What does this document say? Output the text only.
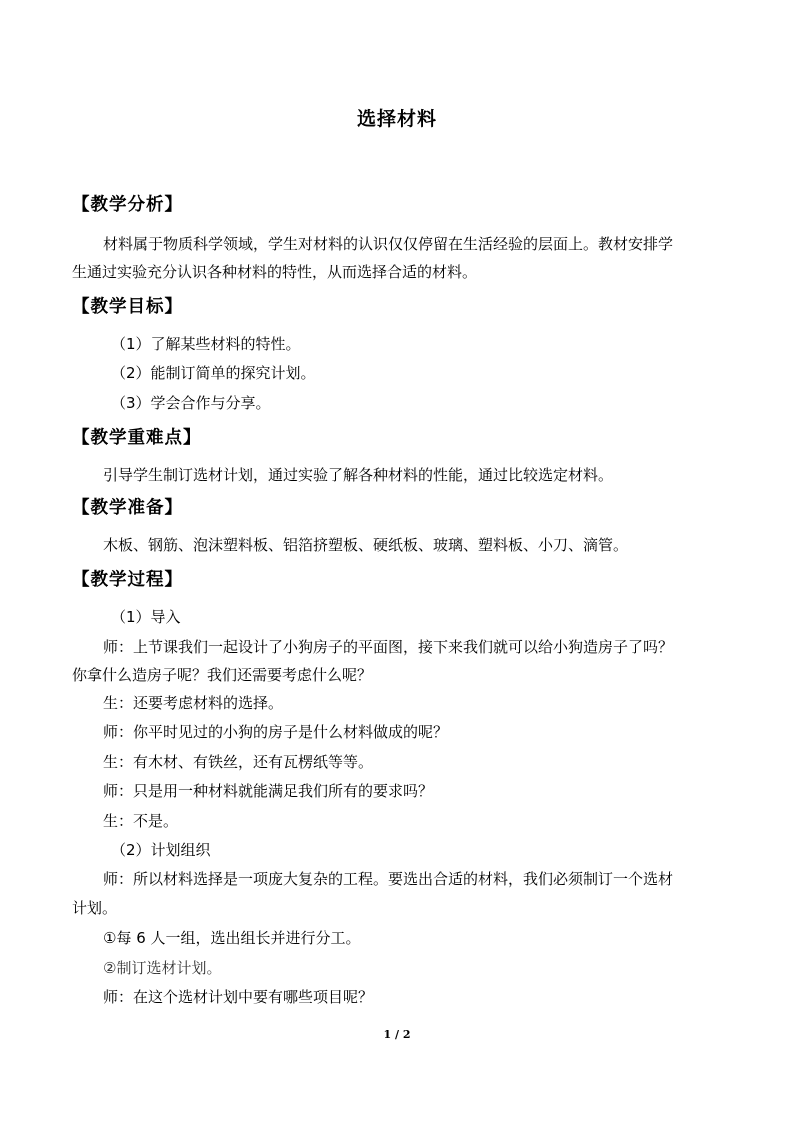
选择材料
【教学分析】
材料属于物质科学领域，学生对材料的认识仅仅停留在生活经验的层面上。教材安排学
生通过实验充分认识各种材料的特性，从而选择合适的材料。
【教学目标】
（1）了解某些材料的特性。
（2）能制订简单的探究计划。
（3）学会合作与分享。
【教学重难点】
引导学生制订选材计划，通过实验了解各种材料的性能，通过比较选定材料。
【教学准备】
木板、钢筋、泡沫塑料板、铝箔挤塑板、硬纸板、玻璃、塑料板、小刀、滴管。
【教学过程】
（1）导入
师：上节课我们一起设计了小狗房子的平面图，接下来我们就可以给小狗造房子了吗？
你拿什么造房子呢？我们还需要考虑什么呢？
生：还要考虑材料的选择。
师：你平时见过的小狗的房子是什么材料做成的呢？
生：有木材、有铁丝，还有瓦楞纸等等。
师：只是用一种材料就能满足我们所有的要求吗？
生：不是。
（2）计划组织
师：所以材料选择是一项庞大复杂的工程。要选出合适的材料，我们必须制订一个选材
计划。
①每 6 人一组，选出组长并进行分工。
②制订选材计划。
师：在这个选材计划中要有哪些项目呢？
1 / 2
